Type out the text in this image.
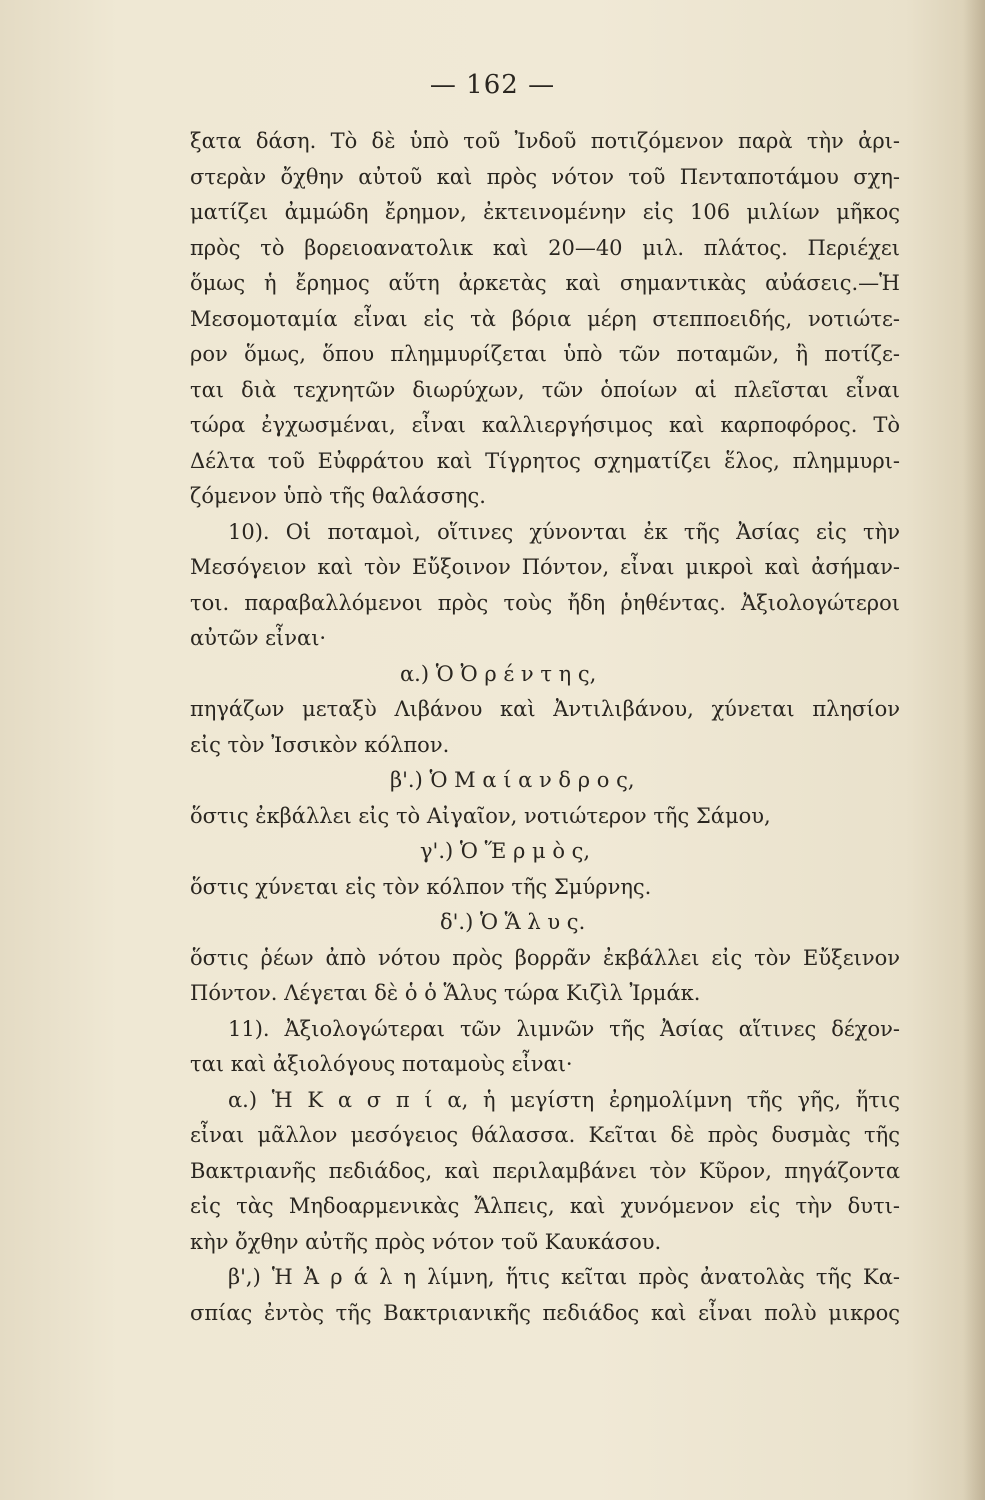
— 162 —
ξατα δάση. Τὸ δὲ ὑπὸ τοῦ Ἰνδοῦ ποτιζόμενον παρὰ τὴν ἀρι-
στερὰν ὄχθην αὐτοῦ καὶ πρὸς νότον τοῦ Πενταποτάμου σχη-
ματίζει ἀμμώδη ἔρημον, ἐκτεινομένην εἰς 106 μιλίων μῆκος
πρὸς τὸ βορειοανατολικ καὶ 20—40 μιλ. πλάτος. Περιέχει
ὅμως ἡ ἔρημος αὕτη ἀρκετὰς καὶ σημαντικὰς αὐάσεις.—Ἡ
Μεσομοταμία εἶναι εἰς τὰ βόρια μέρη στεπποειδής, νοτιώτε-
ρον ὅμως, ὅπου πλημμυρίζεται ὑπὸ τῶν ποταμῶν, ἢ ποτίζε-
ται διὰ τεχνητῶν διωρύχων, τῶν ὁποίων αἱ πλεῖσται εἶναι
τώρα ἐγχωσμέναι, εἶναι καλλιεργήσιμος καὶ καρποφόρος. Τὸ
Δέλτα τοῦ Εὐφράτου καὶ Τίγρητος σχηματίζει ἕλος, πλημμυρι-
ζόμενον ὑπὸ τῆς θαλάσσης.
10). Οἱ ποταμοὶ, οἵτινες χύνονται ἐκ τῆς Ἀσίας εἰς τὴν
Μεσόγειον καὶ τὸν Εὔξοινον Πόντον, εἶναι μικροὶ καὶ ἀσήμαν-
τοι. παραβαλλόμενοι πρὸς τοὺς ἤδη ῥηθέντας. Ἀξιολογώτεροι
αὐτῶν εἶναι·
α.) Ὁ Ὀ ρ έ ν τ η ς,
πηγάζων μεταξὺ Λιβάνου καὶ Ἀντιλιβάνου, χύνεται πλησίον
εἰς τὸν Ἰσσικὸν κόλπον.
β'.) Ὁ Μ α ί α ν δ ρ ο ς,
ὅστις ἐκβάλλει εἰς τὸ Αἰγαῖον, νοτιώτερον τῆς Σάμου,
γ'.) Ὁ Ἕ ρ μ ὸ ς,
ὅστις χύνεται εἰς τὸν κόλπον τῆς Σμύρνης.
δ'.) Ὁ Ἅ λ υ ς.
ὅστις ῥέων ἀπὸ νότου πρὸς βορρᾶν ἐκβάλλει εἰς τὸν Εὔξεινον
Πόντον. Λέγεται δὲ ὁ ὁ Ἅλυς τώρα Κιζὶλ Ἰρμάκ.
11). Ἀξιολογώτεραι τῶν λιμνῶν τῆς Ἀσίας αἵτινες δέχον-
ται καὶ ἀξιολόγους ποταμοὺς εἶναι·
α.) Ἡ Κ α σ π ί α, ἡ μεγίστη ἐρημολίμνη τῆς γῆς, ἥτις
εἶναι μᾶλλον μεσόγειος θάλασσα. Κεῖται δὲ πρὸς δυσμὰς τῆς
Βακτριανῆς πεδιάδος, καὶ περιλαμβάνει τὸν Κῦρον, πηγάζοντα
εἰς τὰς Μηδοαρμενικὰς Ἄλπεις, καὶ χυνόμενον εἰς τὴν δυτι-
κὴν ὄχθην αὐτῆς πρὸς νότον τοῦ Καυκάσου.
β',) Ἡ Ἀ ρ ά λ η λίμνη, ἥτις κεῖται πρὸς ἀνατολὰς τῆς Κα-
σπίας ἐντὸς τῆς Βακτριανικῆς πεδιάδος καὶ εἶναι πολὺ μικρος
